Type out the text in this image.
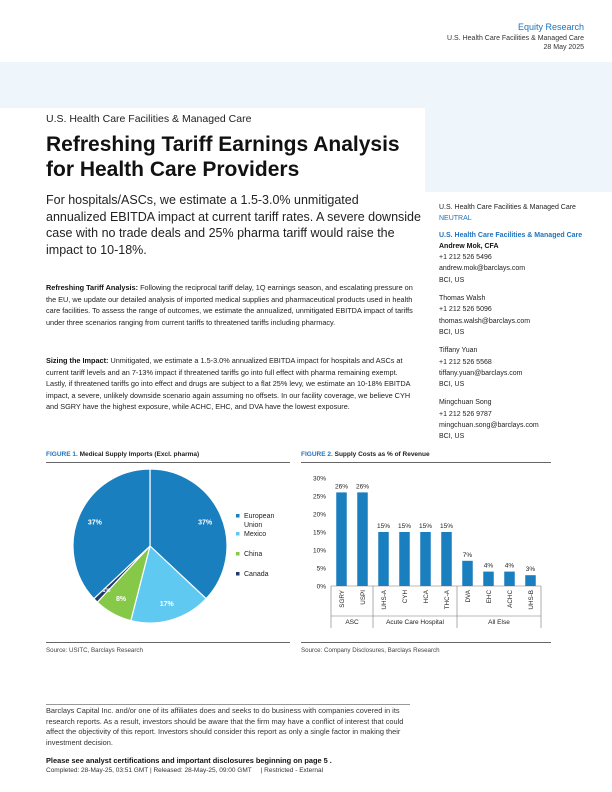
Equity Research
U.S. Health Care Facilities & Managed Care
28 May 2025
U.S. Health Care Facilities & Managed Care
Refreshing Tariff Earnings Analysis for Health Care Providers
For hospitals/ASCs, we estimate a 1.5-3.0% unmitigated annualized EBITDA impact at current tariff rates. A severe downside case with no trade deals and 25% pharma tariff would raise the impact to 10-18%.
Refreshing Tariff Analysis: Following the reciprocal tariff delay, 1Q earnings season, and escalating pressure on the EU, we update our detailed analysis of imported medical supplies and pharmaceutical products used in health care facilities. To assess the range of outcomes, we estimate the annualized, unmitigated EBITDA impact of tariffs under three scenarios ranging from current tariffs to threatened tariffs including pharmacy.
Sizing the Impact: Unmitigated, we estimate a 1.5-3.0% annualized EBITDA impact for hospitals and ASCs at current tariff levels and an 7-13% impact if threatened tariffs go into full effect with pharma remaining exempt. Lastly, if threatened tariffs go into effect and drugs are subject to a flat 25% levy, we estimate an 10-18% EBITDA impact, a severe, unlikely downside scenario again assuming no offsets. In our facility coverage, we believe CYH and SGRY have the highest exposure, while ACHC, EHC, and DVA have the lowest exposure.
U.S. Health Care Facilities & Managed Care
NEUTRAL
U.S. Health Care Facilities & Managed Care
Andrew Mok, CFA
+1 212 526 5496
andrew.mok@barclays.com
BCI, US
Thomas Walsh
+1 212 526 5096
thomas.walsh@barclays.com
BCI, US
Tiffany Yuan
+1 212 526 5568
tiffany.yuan@barclays.com
BCI, US
Mingchuan Song
+1 212 526 9787
mingchuan.song@barclays.com
BCI, US
FIGURE 1. Medical Supply Imports (Excl. pharma)
37%
17%
8%
1%
37%
European Union
Mexico
China
Canada
Source: USITC, Barclays Research
FIGURE 2. Supply Costs as % of Revenue
0%
5%
10%
15%
20%
25%
30%
26%
SGRY
26%
USPI
15%
UHS-A
15%
CYH
15%
HCA
15%
THC-A
7%
DVA
4%
EHC
4%
ACHC
3%
UHS-B
ASC	Acute Care Hospital	All Else
Source: Company Disclosures, Barclays Research
Barclays Capital Inc. and/or one of its affiliates does and seeks to do business with companies covered in its research reports. As a result, investors should be aware that the firm may have a conflict of interest that could affect the objectivity of this report. Investors should consider this report as only a single factor in making their investment decision.
Please see analyst certifications and important disclosures beginning on page 5 .
Completed: 28-May-25, 03:51 GMT | Released: 28-May-25, 09:00 GMT     | Restricted - External
